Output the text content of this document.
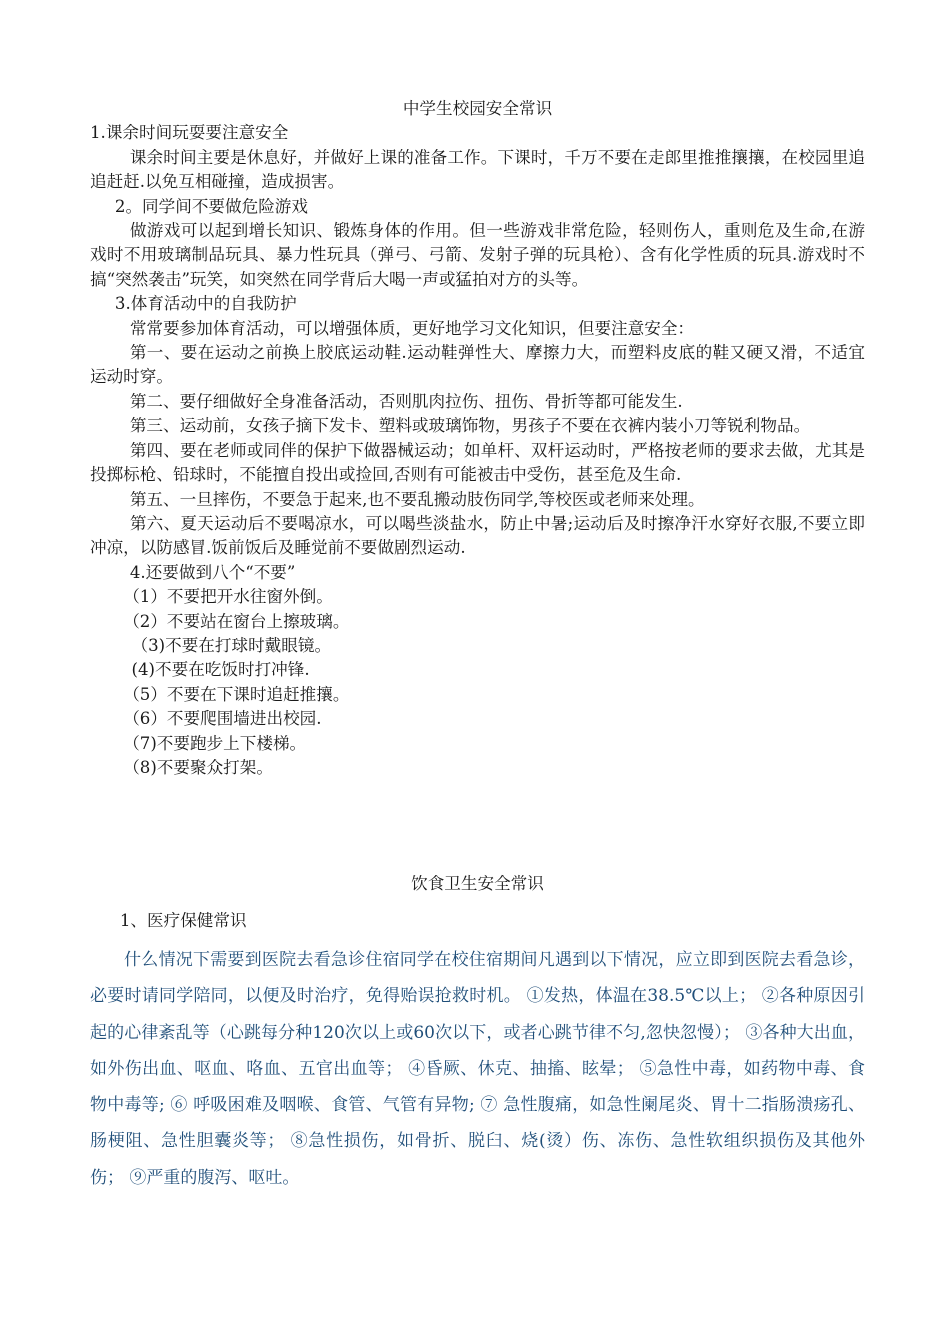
中学生校园安全常识

1.课余时间玩耍要注意安全

课余时间主要是休息好，并做好上课的准备工作。下课时，千万不要在走郎里推推攘攘，在校园里追追赶赶.以免互相碰撞，造成损害。

2。同学间不要做危险游戏

做游戏可以起到增长知识、锻炼身体的作用。但一些游戏非常危险，轻则伤人，重则危及生命,在游戏时不用玻璃制品玩具、暴力性玩具（弹弓、弓箭、发射子弹的玩具枪）、含有化学性质的玩具.游戏时不搞“突然袭击”玩笑，如突然在同学背后大喝一声或猛拍对方的头等。

3.体育活动中的自我防护

常常要参加体育活动，可以增强体质，更好地学习文化知识，但要注意安全：

第一、要在运动之前换上胶底运动鞋.运动鞋弹性大、摩擦力大，而塑料皮底的鞋又硬又滑，不适宜运动时穿。

第二、要仔细做好全身准备活动，否则肌肉拉伤、扭伤、骨折等都可能发生.

第三、运动前，女孩子摘下发卡、塑料或玻璃饰物，男孩子不要在衣裤内装小刀等锐利物品。

第四、要在老师或同伴的保护下做器械运动；如单杆、双杆运动时，严格按老师的要求去做，尤其是投掷标枪、铅球时，不能擅自投出或捡回,否则有可能被击中受伤，甚至危及生命.

第五、一旦摔伤，不要急于起来,也不要乱搬动肢伤同学,等校医或老师来处理。

第六、夏天运动后不要喝凉水，可以喝些淡盐水，防止中暑;运动后及时擦净汗水穿好衣服,不要立即冲凉，以防感冒.饭前饭后及睡觉前不要做剧烈运动.

4.还要做到八个“不要”

（1）不要把开水往窗外倒。

（2）不要站在窗台上擦玻璃。

（3)不要在打球时戴眼镜。

(4)不要在吃饭时打冲锋.

（5）不要在下课时追赶推攘。

（6）不要爬围墙进出校园.

（7)不要跑步上下楼梯。

（8)不要聚众打架。

饮食卫生安全常识

1、医疗保健常识

什么情况下需要到医院去看急诊住宿同学在校住宿期间凡遇到以下情况，应立即到医院去看急诊，必要时请同学陪同，以便及时治疗，免得贻误抢救时机。 ①发热，体温在38.5℃以上； ②各种原因引起的心律紊乱等（心跳每分种120次以上或60次以下，或者心跳节律不匀,忽快忽慢）； ③各种大出血，如外伤出血、呕血、咯血、五官出血等； ④昏厥、休克、抽搐、眩晕； ⑤急性中毒，如药物中毒、食物中毒等; ⑥ 呼吸困难及咽喉、食管、气管有异物; ⑦ 急性腹痛，如急性阑尾炎、胃十二指肠溃疡孔、肠梗阻、急性胆囊炎等； ⑧急性损伤，如骨折、脱臼、烧(烫）伤、冻伤、急性软组织损伤及其他外伤； ⑨严重的腹泻、呕吐。
